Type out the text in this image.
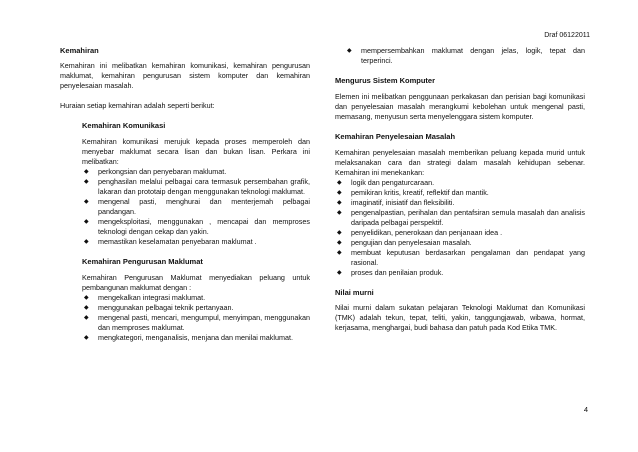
Draf 06122011
Kemahiran
Kemahiran ini melibatkan kemahiran komunikasi, kemahiran pengurusan maklumat, kemahiran pengurusan sistem komputer dan kemahiran penyelesaian masalah.
Huraian setiap kemahiran adalah seperti berikut:
Kemahiran Komunikasi
Kemahiran komunikasi merujuk kepada proses memperoleh dan menyebar maklumat secara lisan dan bukan lisan. Perkara ini melibatkan:
◆ perkongsian dan penyebaran maklumat.
◆ penghasilan melalui pelbagai cara termasuk persembahan grafik, lakaran dan prototaip dengan menggunakan teknologi maklumat.
◆ mengenal pasti, menghurai dan menterjemah pelbagai pandangan.
◆ mengeksploitasi, menggunakan , mencapai dan memproses teknologi dengan cekap dan yakin.
◆ memastikan keselamatan penyebaran maklumat .
Kemahiran Pengurusan Maklumat
Kemahiran Pengurusan Maklumat menyediakan peluang untuk pembangunan maklumat dengan :
◆ mengekalkan integrasi maklumat.
◆ menggunakan pelbagai teknik pertanyaan.
◆ mengenal pasti, mencari, mengumpul, menyimpan, menggunakan dan memproses maklumat.
◆ mengkategori, menganalisis, menjana dan menilai maklumat.
◆ mempersembahkan maklumat dengan jelas, logik, tepat dan terperinci.
Mengurus Sistem Komputer
Elemen ini melibatkan penggunaan perkakasan dan perisian bagi komunikasi dan penyelesaian masalah merangkumi kebolehan untuk mengenal pasti, memasang, menyusun serta menyelenggara sistem komputer.
Kemahiran Penyelesaian Masalah
Kemahiran penyelesaian masalah memberikan peluang kepada murid untuk melaksanakan cara dan strategi dalam masalah kehidupan sebenar. Kemahiran ini menekankan:
◆ logik dan pengaturcaraan.
◆ pemikiran kritis, kreatif, reflektif dan mantik.
◆ imaginatif, inisiatif dan fleksibiliti.
◆ pengenalpastian, perihalan dan pentafsiran semula masalah dan analisis daripada pelbagai perspektif.
◆ penyelidikan, penerokaan dan penjanaan idea .
◆ pengujian dan penyelesaian masalah.
◆ membuat keputusan berdasarkan pengalaman dan pendapat yang rasional.
◆ proses dan penilaian produk.
Nilai murni
Nilai murni dalam sukatan pelajaran Teknologi Maklumat dan Komunikasi (TMK) adalah tekun, tepat, teliti, yakin, tanggungjawab, wibawa, hormat, kerjasama, menghargai, budi bahasa dan patuh pada Kod Etika TMK.
4
